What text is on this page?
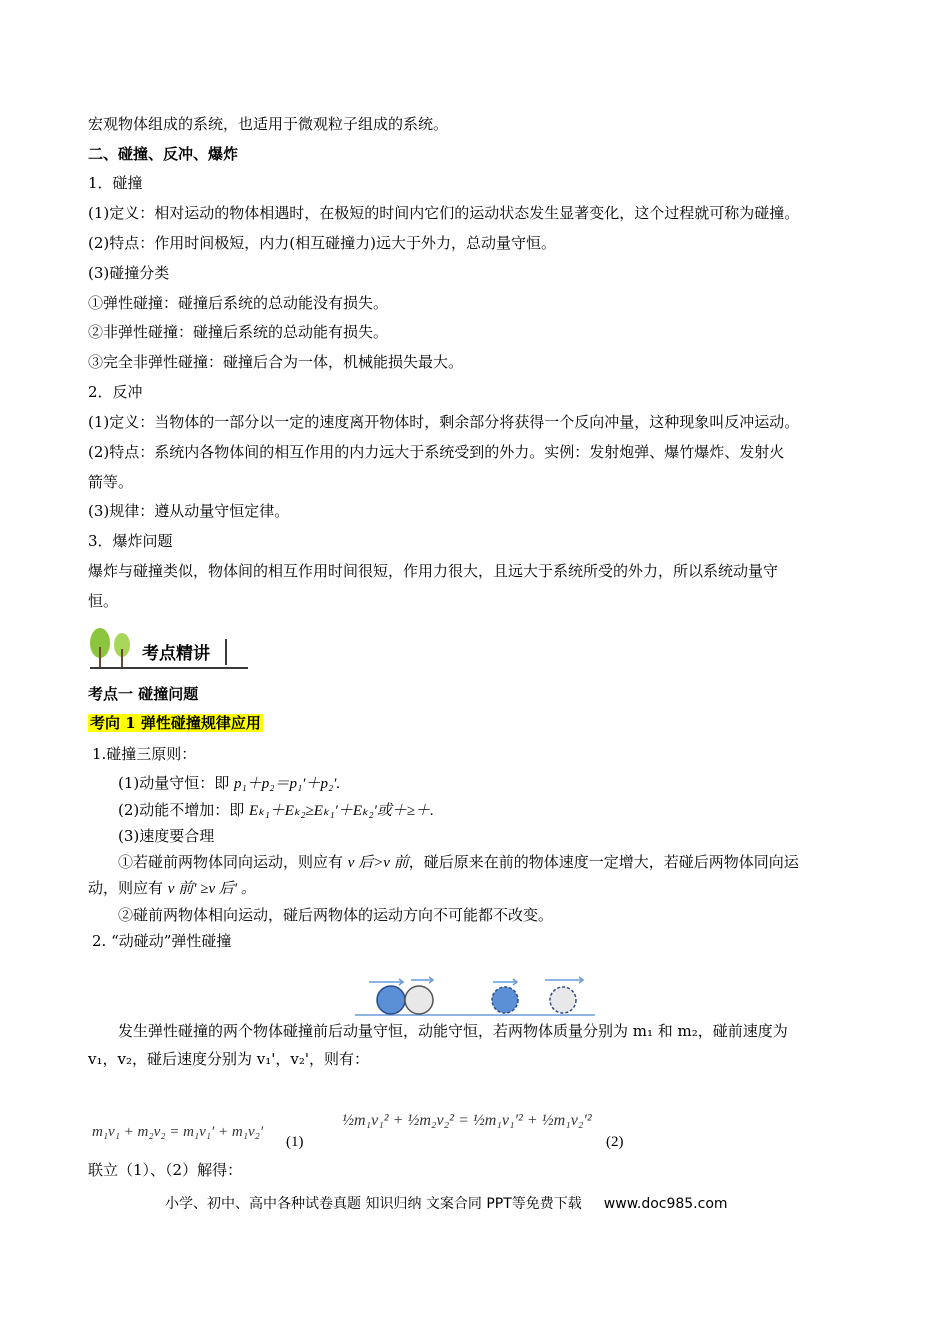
宏观物体组成的系统，也适用于微观粒子组成的系统。
二、碰撞、反冲、爆炸
1．碰撞
(1)定义：相对运动的物体相遇时，在极短的时间内它们的运动状态发生显著变化，这个过程就可称为碰撞。
(2)特点：作用时间极短，内力(相互碰撞力)远大于外力，总动量守恒。
(3)碰撞分类
①弹性碰撞：碰撞后系统的总动能没有损失。
②非弹性碰撞：碰撞后系统的总动能有损失。
③完全非弹性碰撞：碰撞后合为一体，机械能损失最大。
2．反冲
(1)定义：当物体的一部分以一定的速度离开物体时，剩余部分将获得一个反向冲量，这种现象叫反冲运动。
(2)特点：系统内各物体间的相互作用的内力远大于系统受到的外力。实例：发射炮弹、爆竹爆炸、发射火
箭等。
(3)规律：遵从动量守恒定律。
3．爆炸问题
爆炸与碰撞类似，物体间的相互作用时间很短，作用力很大，且远大于系统所受的外力，所以系统动量守
恒。
考点精讲
考点一 碰撞问题
考向 1 弹性碰撞规律应用
1.碰撞三原则：
(1)动量守恒：即 p₁＋p₂＝p₁′＋p₂′.
(2)动能不增加：即 Eₖ₁＋Eₖ₂≥Eₖ₁′＋Eₖ₂′或＋≥＋.
(3)速度要合理
①若碰前两物体同向运动，则应有 v 后>v 前，碰后原来在前的物体速度一定增大，若碰后两物体同向运
动，则应有 v 前′ ≥v 后′ 。
②碰前两物体相向运动，碰后两物体的运动方向不可能都不改变。
2. “动碰动”弹性碰撞
发生弹性碰撞的两个物体碰撞前后动量守恒，动能守恒，若两物体质量分别为 m₁ 和 m₂，碰前速度为
v₁，v₂，碰后速度分别为 v₁'，v₂'，则有：
m₁v₁ + m₂v₂ = m₁v₁′ + m₁v₂′
(1)
½m₁v₁² + ½m₂v₂² = ½m₁v₁′² + ½m₁v₂′²
(2)
联立（1）、（2）解得：
小学、初中、高中各种试卷真题 知识归纳 文案合同 PPT等免费下载 www.doc985.com
